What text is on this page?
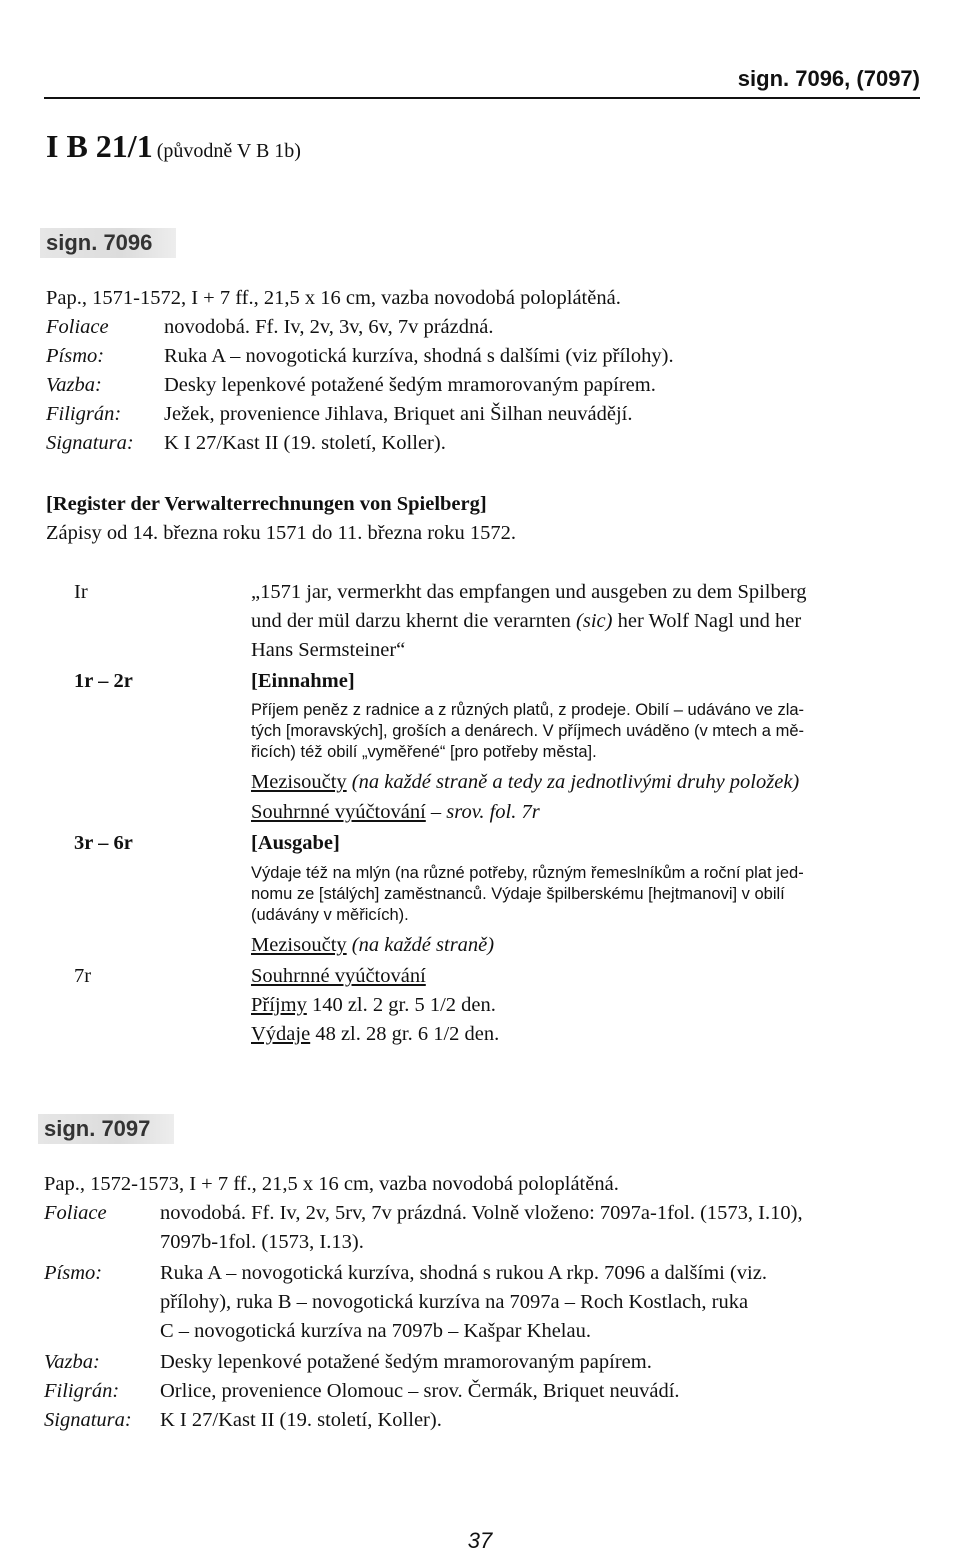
sign. 7096, (7097)
I B 21/1 (původně V B 1b)
sign. 7096
Pap., 1571-1572, I + 7 ff., 21,5 x 16 cm, vazba novodobá poloplátěná.
Foliace	novodobá. Ff. Iv, 2v, 3v, 6v, 7v prázdná.
Písmo:	Ruka A – novogotická kurzíva, shodná s dalšími (viz přílohy).
Vazba:	Desky lepenkové potažené šedým mramorovaným papírem.
Filigrán: Ježek, provenience Jihlava, Briquet ani Šilhan neuvádějí.
Signatura: K I 27/Kast II (19. století, Koller).
[Register der Verwalterrechnungen von Spielberg]
Zápisy od 14. března roku 1571 do 11. března roku 1572.
Ir	„1571 jar, vermerkht das empfangen und ausgeben zu dem Spilberg
und der mül darzu khernt die verarnten (sic) her Wolf Nagl und her
Hans Sermsteiner“
1r – 2r	[Einnahme]
Příjem peněz z radnice a z různých platů, z prodeje. Obilí – udáváno ve zla-
tých [moravských], groších a denárech. V příjmech uváděno (v mtech a mě-
řicích) též obilí „vyměřené“ [pro potřeby města].
Mezisoučty (na každé straně a tedy za jednotlivými druhy položek)
Souhrnné vyúčtování – srov. fol. 7r
3r – 6r	[Ausgabe]
Výdaje též na mlýn (na různé potřeby, různým řemeslníkům a roční plat jed-
nomu ze [stálých] zaměstnanců. Výdaje špilberskému [hejtmanovi] v obilí
(udávány v měřicích).
Mezisoučty (na každé straně)
7r	Souhrnné vyúčtování
Příjmy 140 zl. 2 gr. 5 1/2 den.
Výdaje 48 zl. 28 gr. 6 1/2 den.
sign. 7097
Pap., 1572-1573, I + 7 ff., 21,5 x 16 cm, vazba novodobá poloplátěná.
Foliace	novodobá. Ff. Iv, 2v, 5rv, 7v prázdná. Volně vloženo: 7097a-1fol. (1573, I.10),
7097b-1fol. (1573, I.13).
Písmo:	Ruka A – novogotická kurzíva, shodná s rukou A rkp. 7096 a dalšími (viz.
přílohy), ruka B – novogotická kurzíva na 7097a – Roch Kostlach, ruka
C – novogotická kurzíva na 7097b – Kašpar Khelau.
Vazba:	Desky lepenkové potažené šedým mramorovaným papírem.
Filigrán: Orlice, provenience Olomouc – srov. Čermák, Briquet neuvádí.
Signatura: K I 27/Kast II (19. století, Koller).
37
